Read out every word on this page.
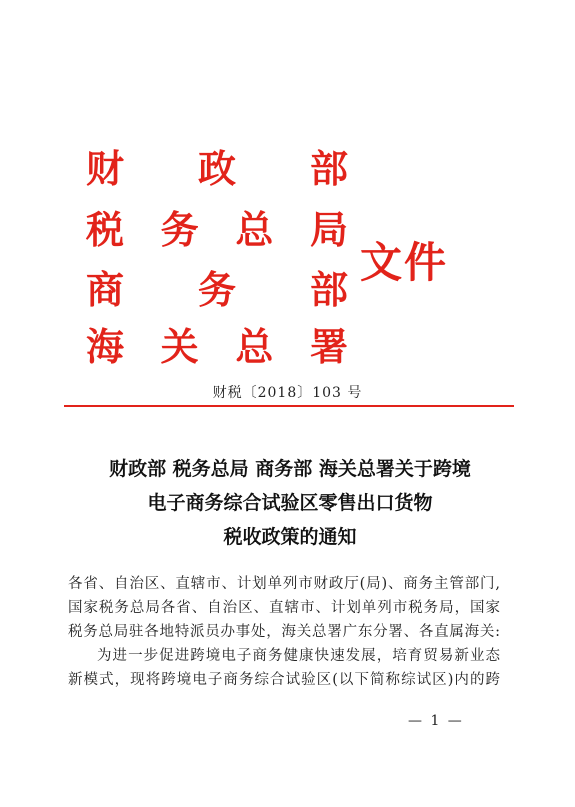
财 政 部
税 务 总 局
商 务 部
海 关 总 署
文件
财税〔2018〕103 号
财政部 税务总局 商务部 海关总署关于跨境
电子商务综合试验区零售出口货物
税收政策的通知
各省、自治区、直辖市、计划单列市财政厅(局)、商务主管部门,
国家税务总局各省、自治区、直辖市、计划单列市税务局，国家
税务总局驻各地特派员办事处，海关总署广东分署、各直属海关:
为进一步促进跨境电子商务健康快速发展，培育贸易新业态
新模式，现将跨境电子商务综合试验区(以下简称综试区)内的跨
— 1 —
